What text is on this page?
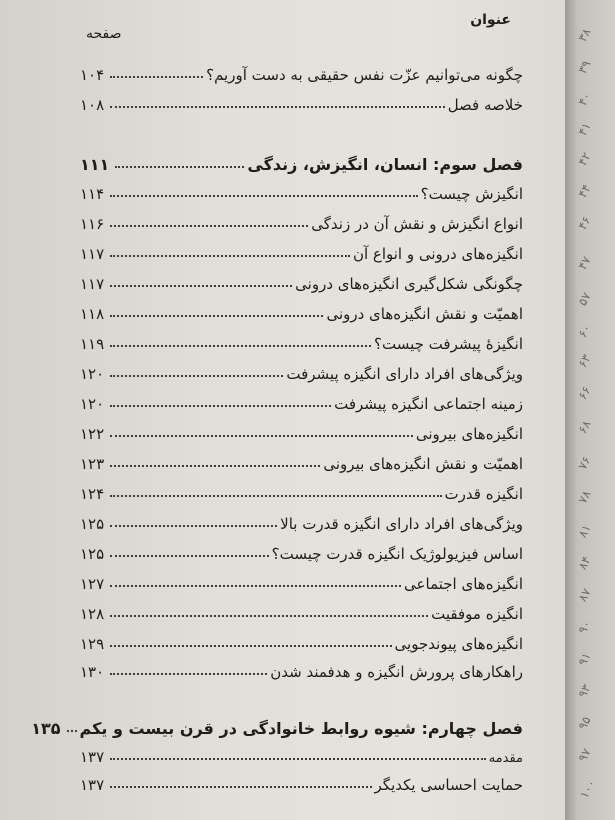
عنوان
صفحه
چگونه می‌توانیم عزّت نفس حقیقی به دست آوریم؟
۱۰۴
خلاصه فصل
۱۰۸
فصل سوم: انسان، انگیزش، زندگی
۱۱۱
انگیزش چیست؟
۱۱۴
انواع انگیزش و نقش آن در زندگی
۱۱۶
انگیزه‌های درونی و انواع آن
۱۱۷
چگونگی شکل‌گیری انگیزه‌های درونی
۱۱۷
اهمیّت و نقش انگیزه‌های درونی
۱۱۸
انگیزهٔ پیشرفت چیست؟
۱۱۹
ویژگی‌های افراد دارای انگیزه پیشرفت
۱۲۰
زمینه اجتماعی انگیزه پیشرفت
۱۲۰
انگیزه‌های بیرونی
۱۲۲
اهمیّت و نقش انگیزه‌های بیرونی
۱۲۳
انگیزه قدرت
۱۲۴
ویژگی‌های افراد دارای انگیزه قدرت بالا
۱۲۵
اساس فیزیولوژیک انگیزه قدرت چیست؟
۱۲۵
انگیزه‌های اجتماعی
۱۲۷
انگیزه موفقیت
۱۲۸
انگیزه‌های پیوندجویی
۱۲۹
راهکارهای پرورش انگیزه و هدفمند شدن
۱۳۰
فصل چهارم: شیوه روابط خانوادگی در قرن بیست و یکم
۱۳۵
مقدمه
۱۳۷
حمایت احساسی یکدیگر
۱۳۷
۳۸
۳۹
۴۰
۴۱
۴۲
۴۴
۴۶
۴۷
۵۷
۶۰
۶۳
۶۶
۶۸
۷۶
۷۸
۸۱
۸۴
۸۷
۹۰
۹۱
۹۳
۹۵
۹۷
۱۰۰
